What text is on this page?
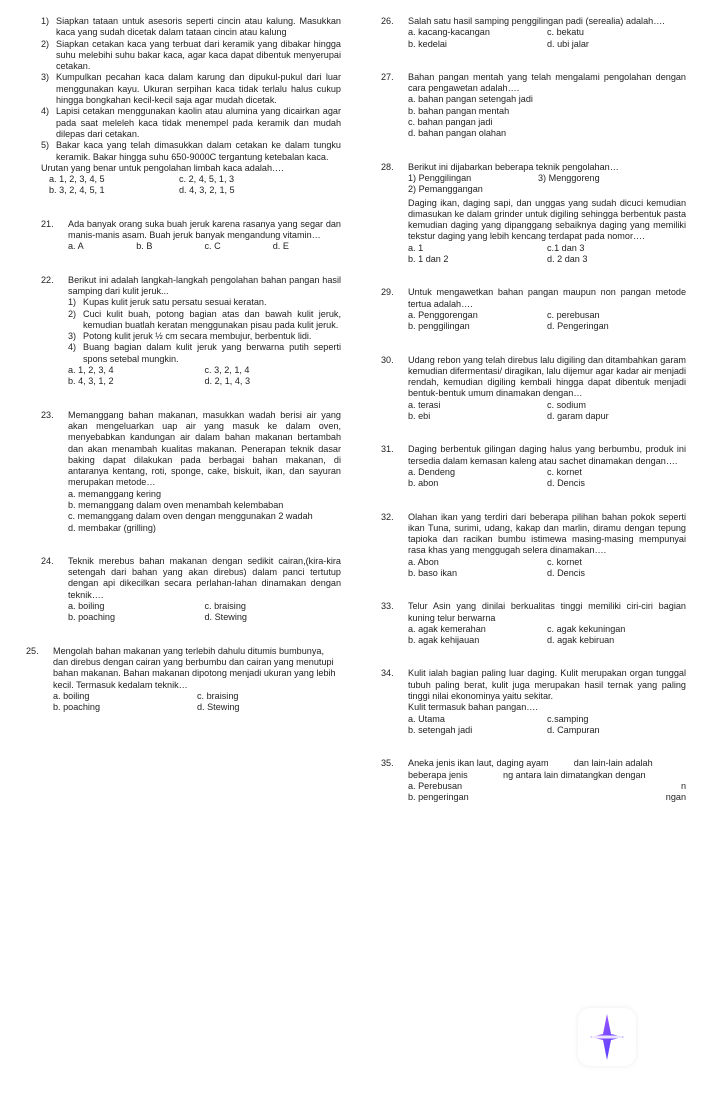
1) Siapkan tataan untuk asesoris seperti cincin atau kalung. Masukkan kaca yang sudah dicetak dalam tataan cincin atau kalung
2) Siapkan cetakan kaca yang terbuat dari keramik yang dibakar hingga suhu melebihi suhu bakar kaca, agar kaca dapat dibentuk menyerupai cetakan.
3) Kumpulkan pecahan kaca dalam karung dan dipukul-pukul dari luar menggunakan kayu. Ukuran serpihan kaca tidak terlalu halus cukup hingga bongkahan kecil-kecil saja agar mudah dicetak.
4) Lapisi cetakan menggunakan kaolin atau alumina yang dicairkan agar pada saat meleleh kaca tidak menempel pada keramik dan mudah dilepas dari cetakan.
5) Bakar kaca yang telah dimasukkan dalam cetakan ke dalam tungku keramik. Bakar hingga suhu 650-9000C tergantung ketebalan kaca.
Urutan yang benar untuk pengolahan limbah kaca adalah….
a. 1, 2, 3, 4, 5	c. 2, 4, 5, 1, 3
b. 3, 2, 4, 5, 1	d. 4, 3, 2, 1, 5
21.	Ada banyak orang suka buah jeruk karena rasanya yang segar dan manis-manis asam. Buah jeruk banyak mengandung vitamin…
a. A	b. B	c. C	d. E
22.	Berikut ini adalah langkah-langkah pengolahan bahan pangan hasil samping dari kulit jeruk...
1) Kupas kulit jeruk satu persatu sesuai keratan.
2) Cuci kulit buah, potong bagian atas dan bawah kulit jeruk, kemudian buatlah keratan menggunakan pisau pada kulit jeruk.
3) Potong kulit jeruk ½ cm secara membujur, berbentuk lidi.
4) Buang bagian dalam kulit jeruk yang berwarna putih seperti spons setebal mungkin.
a. 1, 2, 3, 4	c. 3, 2, 1, 4
b. 4, 3, 1, 2	d. 2, 1, 4, 3
23.	Memanggang bahan makanan, masukkan wadah berisi air yang akan mengeluarkan uap air yang masuk ke dalam oven, menyebabkan kandungan air dalam bahan makanan bertambah dan akan menambah kualitas makanan. Penerapan teknik dasar baking dapat dilakukan pada berbagai bahan makanan, di antaranya kentang, roti, sponge, cake, biskuit, ikan, dan sayuran merupakan metode…
a. memanggang kering
b. memanggang dalam oven menambah kelembaban
c. memanggang dalam oven dengan menggunakan 2 wadah
d. membakar (grilling)
24.	Teknik merebus bahan makanan dengan sedikit cairan,(kira-kira setengah dari bahan yang akan direbus) dalam panci tertutup dengan api dikecilkan secara perlahan-lahan dinamakan dengan teknik….
a. boiling	c. braising
b. poaching	d. Stewing
25.	Mengolah bahan makanan yang terlebih dahulu ditumis bumbunya, dan direbus dengan cairan yang berbumbu dan cairan yang menutupi bahan makanan. Bahan makanan dipotong menjadi ukuran yang lebih kecil. Termasuk kedalam teknik…
a. boiling	c. braising
b. poaching	d. Stewing
26.	Salah satu hasil samping penggilingan padi (serealia) adalah….
a. kacang-kacangan	c. bekatu
b. kedelai	d. ubi jalar
27.	Bahan pangan mentah yang telah mengalami pengolahan dengan cara pengawetan adalah….
a. bahan pangan setengah jadi
b. bahan pangan mentah
c. bahan pangan jadi
d. bahan pangan olahan
28.	Berikut ini dijabarkan beberapa teknik pengolahan…
1) Penggilingan	3) Menggoreng
2) Pemanggangan
Daging ikan, daging sapi, dan unggas yang sudah dicuci kemudian dimasukan ke dalam grinder untuk digiling sehingga berbentuk pasta kemudian daging yang dipanggang sebaiknya daging yang memiliki tekstur daging yang lebih kencang terdapat pada nomor….
a. 1	c.1 dan 3
b. 1 dan 2	d. 2 dan 3
29.	Untuk mengawetkan bahan pangan maupun non pangan metode tertua adalah….
a. Penggorengan	c. perebusan
b. penggilingan	d. Pengeringan
30.	Udang rebon yang telah direbus lalu digiling dan ditambahkan garam kemudian difermentasi/ diragikan, lalu dijemur agar kadar air menjadi rendah, kemudian digiling kembali hingga dapat dibentuk menjadi bentuk-bentuk umum dinamakan dengan…
a. terasi	c. sodium
b. ebi	d. garam dapur
31.	Daging berbentuk gilingan daging halus yang berbumbu, produk ini tersedia dalam kemasan kaleng atau sachet dinamakan dengan….
a. Dendeng	c. kornet
b. abon	d. Dencis
32.	Olahan ikan yang terdiri dari beberapa pilihan bahan pokok seperti ikan Tuna, surimi, udang, kakap dan marlin, diramu dengan tepung tapioka dan racikan bumbu istimewa masing-masing mempunyai rasa khas yang menggugah selera dinamakan….
a. Abon	c. kornet
b. baso ikan	d. Dencis
33.	Telur Asin yang dinilai berkualitas tinggi memiliki ciri-ciri bagian kuning telur berwarna
a. agak kemerahan	c. agak kekuningan
b. agak kehijauan	d. agak kebiruan
34.	Kulit ialah bagian paling luar daging. Kulit merupakan organ tunggal tubuh paling berat, kulit juga merupakan hasil ternak yang paling tinggi nilai ekonominya yaitu sekitar.
Kulit termasuk bahan pangan….
a. Utama	c.samping
b. setengah jadi	d. Campuran
35.	Aneka jenis ikan laut, daging ayam          dan lain-lain adalah beberapa jenis              ng antara lain dimatangkan dengan
a. Perebusan	n
b. pengeringan	ngan
